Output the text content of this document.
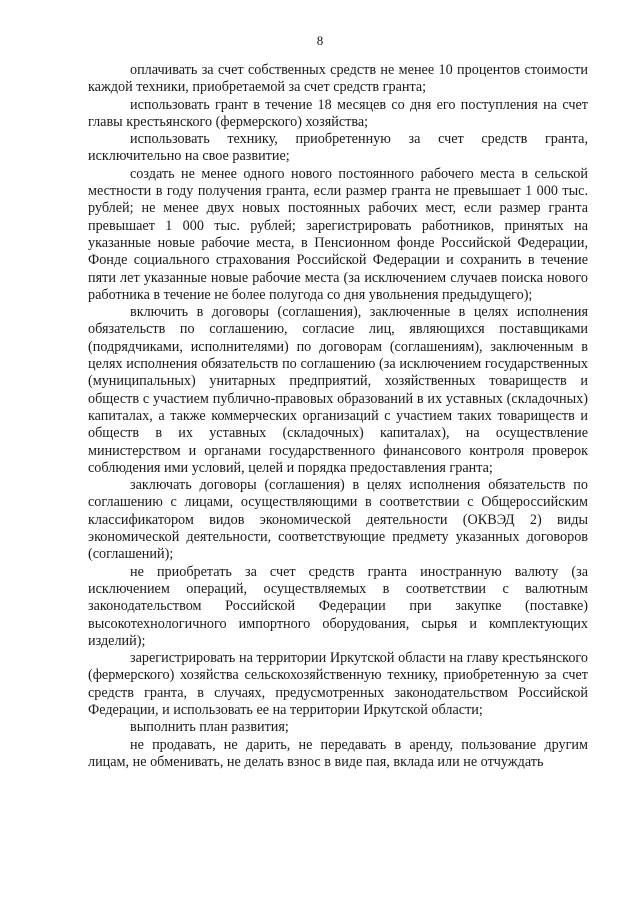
8

оплачивать за счет собственных средств не менее 10 процентов стоимости каждой техники, приобретаемой за счет средств гранта;

использовать грант в течение 18 месяцев со дня его поступления на счет главы крестьянского (фермерского) хозяйства;

использовать технику, приобретенную за счет средств гранта, исключительно на свое развитие;

создать не менее одного нового постоянного рабочего места в сельской местности в году получения гранта, если размер гранта не превышает 1 000 тыс. рублей; не менее двух новых постоянных рабочих мест, если размер гранта превышает 1 000 тыс. рублей; зарегистрировать работников, принятых на указанные новые рабочие места, в Пенсионном фонде Российской Федерации, Фонде социального страхования Российской Федерации и сохранить в течение пяти лет указанные новые рабочие места (за исключением случаев поиска нового работника в течение не более полугода со дня увольнения предыдущего);

включить в договоры (соглашения), заключенные в целях исполнения обязательств по соглашению, согласие лиц, являющихся поставщиками (подрядчиками, исполнителями) по договорам (соглашениям), заключенным в целях исполнения обязательств по соглашению (за исключением государственных (муниципальных) унитарных предприятий, хозяйственных товариществ и обществ с участием публично-правовых образований в их уставных (складочных) капиталах, а также коммерческих организаций с участием таких товариществ и обществ в их уставных (складочных) капиталах), на осуществление министерством и органами государственного финансового контроля проверок соблюдения ими условий, целей и порядка предоставления гранта;

заключать договоры (соглашения) в целях исполнения обязательств по соглашению с лицами, осуществляющими в соответствии с Общероссийским классификатором видов экономической деятельности (ОКВЭД 2) виды экономической деятельности, соответствующие предмету указанных договоров (соглашений);

не приобретать за счет средств гранта иностранную валюту (за исключением операций, осуществляемых в соответствии с валютным законодательством Российской Федерации при закупке (поставке) высокотехнологичного импортного оборудования, сырья и комплектующих изделий);

зарегистрировать на территории Иркутской области на главу крестьянского (фермерского) хозяйства сельскохозяйственную технику, приобретенную за счет средств гранта, в случаях, предусмотренных законодательством Российской Федерации, и использовать ее на территории Иркутской области;

выполнить план развития;

не продавать, не дарить, не передавать в аренду, пользование другим лицам, не обменивать, не делать взнос в виде пая, вклада или не отчуждать
